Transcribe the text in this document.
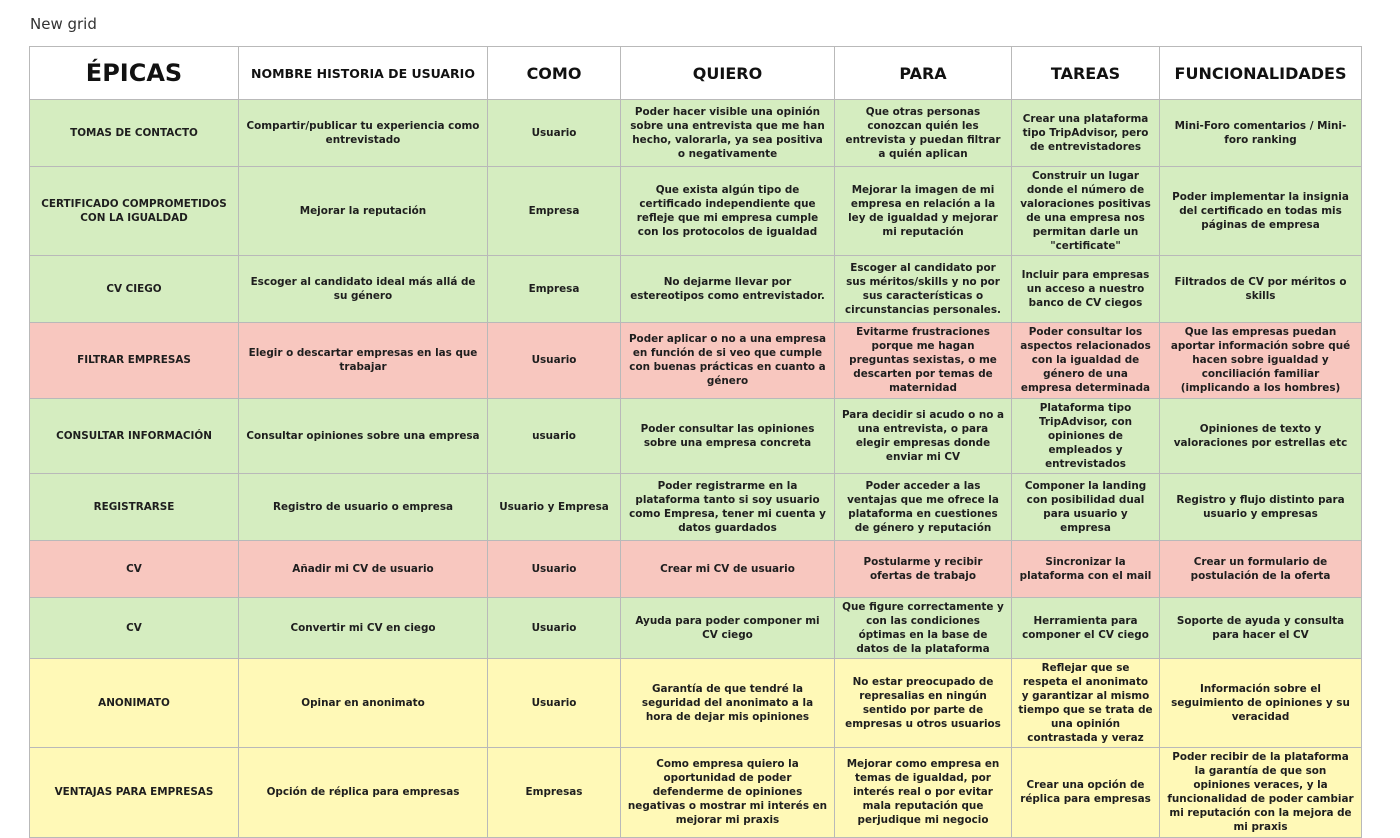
New grid
ÉPICAS	NOMBRE HISTORIA DE USUARIO	COMO	QUIERO	PARA	TAREAS	FUNCIONALIDADES
TOMAS DE CONTACTO	Compartir/publicar tu experiencia como entrevistado	Usuario	Poder hacer visible una opinión sobre una entrevista que me han hecho, valorarla, ya sea positiva o negativamente	Que otras personas conozcan quién les entrevista y puedan filtrar a quién aplican	Crear una plataforma tipo TripAdvisor, pero de entrevistadores	Mini-Foro comentarios / Mini-foro ranking
CERTIFICADO COMPROMETIDOS CON LA IGUALDAD	Mejorar la reputación	Empresa	Que exista algún tipo de certificado independiente que refleje que mi empresa cumple con los protocolos de igualdad	Mejorar la imagen de mi empresa en relación a la ley de igualdad y mejorar mi reputación	Construir un lugar donde el número de valoraciones positivas de una empresa nos permitan darle un "certificate"	Poder implementar la insignia del certificado en todas mis páginas de empresa
CV CIEGO	Escoger al candidato ideal más allá de su género	Empresa	No dejarme llevar por estereotipos como entrevistador.	Escoger al candidato por sus méritos/skills y no por sus características o circunstancias personales.	Incluir para empresas un acceso a nuestro banco de CV ciegos	Filtrados de CV por méritos o skills
FILTRAR EMPRESAS	Elegir o descartar empresas en las que trabajar	Usuario	Poder aplicar o no a una empresa en función de si veo que cumple con buenas prácticas en cuanto a género	Evitarme frustraciones porque me hagan preguntas sexistas, o me descarten por temas de maternidad	Poder consultar los aspectos relacionados con la igualdad de género de una empresa determinada	Que las empresas puedan aportar información sobre qué hacen sobre igualdad y conciliación familiar (implicando a los hombres)
CONSULTAR INFORMACIÓN	Consultar opiniones sobre una empresa	usuario	Poder consultar las opiniones sobre una empresa concreta	Para decidir si acudo o no a una entrevista, o para elegir empresas donde enviar mi CV	Plataforma tipo TripAdvisor, con opiniones de empleados y entrevistados	Opiniones de texto y valoraciones por estrellas etc
REGISTRARSE	Registro de usuario o empresa	Usuario y Empresa	Poder registrarme en la plataforma tanto si soy usuario como Empresa, tener mi cuenta y datos guardados	Poder acceder a las ventajas que me ofrece la plataforma en cuestiones de género y reputación	Componer la landing con posibilidad dual para usuario y empresa	Registro y flujo distinto para usuario y empresas
CV	Añadir mi CV de usuario	Usuario	Crear mi CV de usuario	Postularme y recibir ofertas de trabajo	Sincronizar la plataforma con el mail	Crear un formulario de postulación de la oferta
CV	Convertir mi CV en ciego	Usuario	Ayuda para poder componer mi CV ciego	Que figure correctamente y con las condiciones óptimas en la base de datos de la plataforma	Herramienta para componer el CV ciego	Soporte de ayuda y consulta para hacer el CV
ANONIMATO	Opinar en anonimato	Usuario	Garantía de que tendré la seguridad del anonimato a la hora de dejar mis opiniones	No estar preocupado de represalias en ningún sentido por parte de empresas u otros usuarios	Reflejar que se respeta el anonimato y garantizar al mismo tiempo que se trata de una opinión contrastada y veraz	Información sobre el seguimiento de opiniones y su veracidad
VENTAJAS PARA EMPRESAS	Opción de réplica para empresas	Empresas	Como empresa quiero la oportunidad de poder defenderme de opiniones negativas o mostrar mi interés en mejorar mi praxis	Mejorar como empresa en temas de igualdad, por interés real o por evitar mala reputación que perjudique mi negocio	Crear una opción de réplica para empresas	Poder recibir de la plataforma la garantía de que son opiniones veraces, y la funcionalidad de poder cambiar mi reputación con la mejora de mi praxis
